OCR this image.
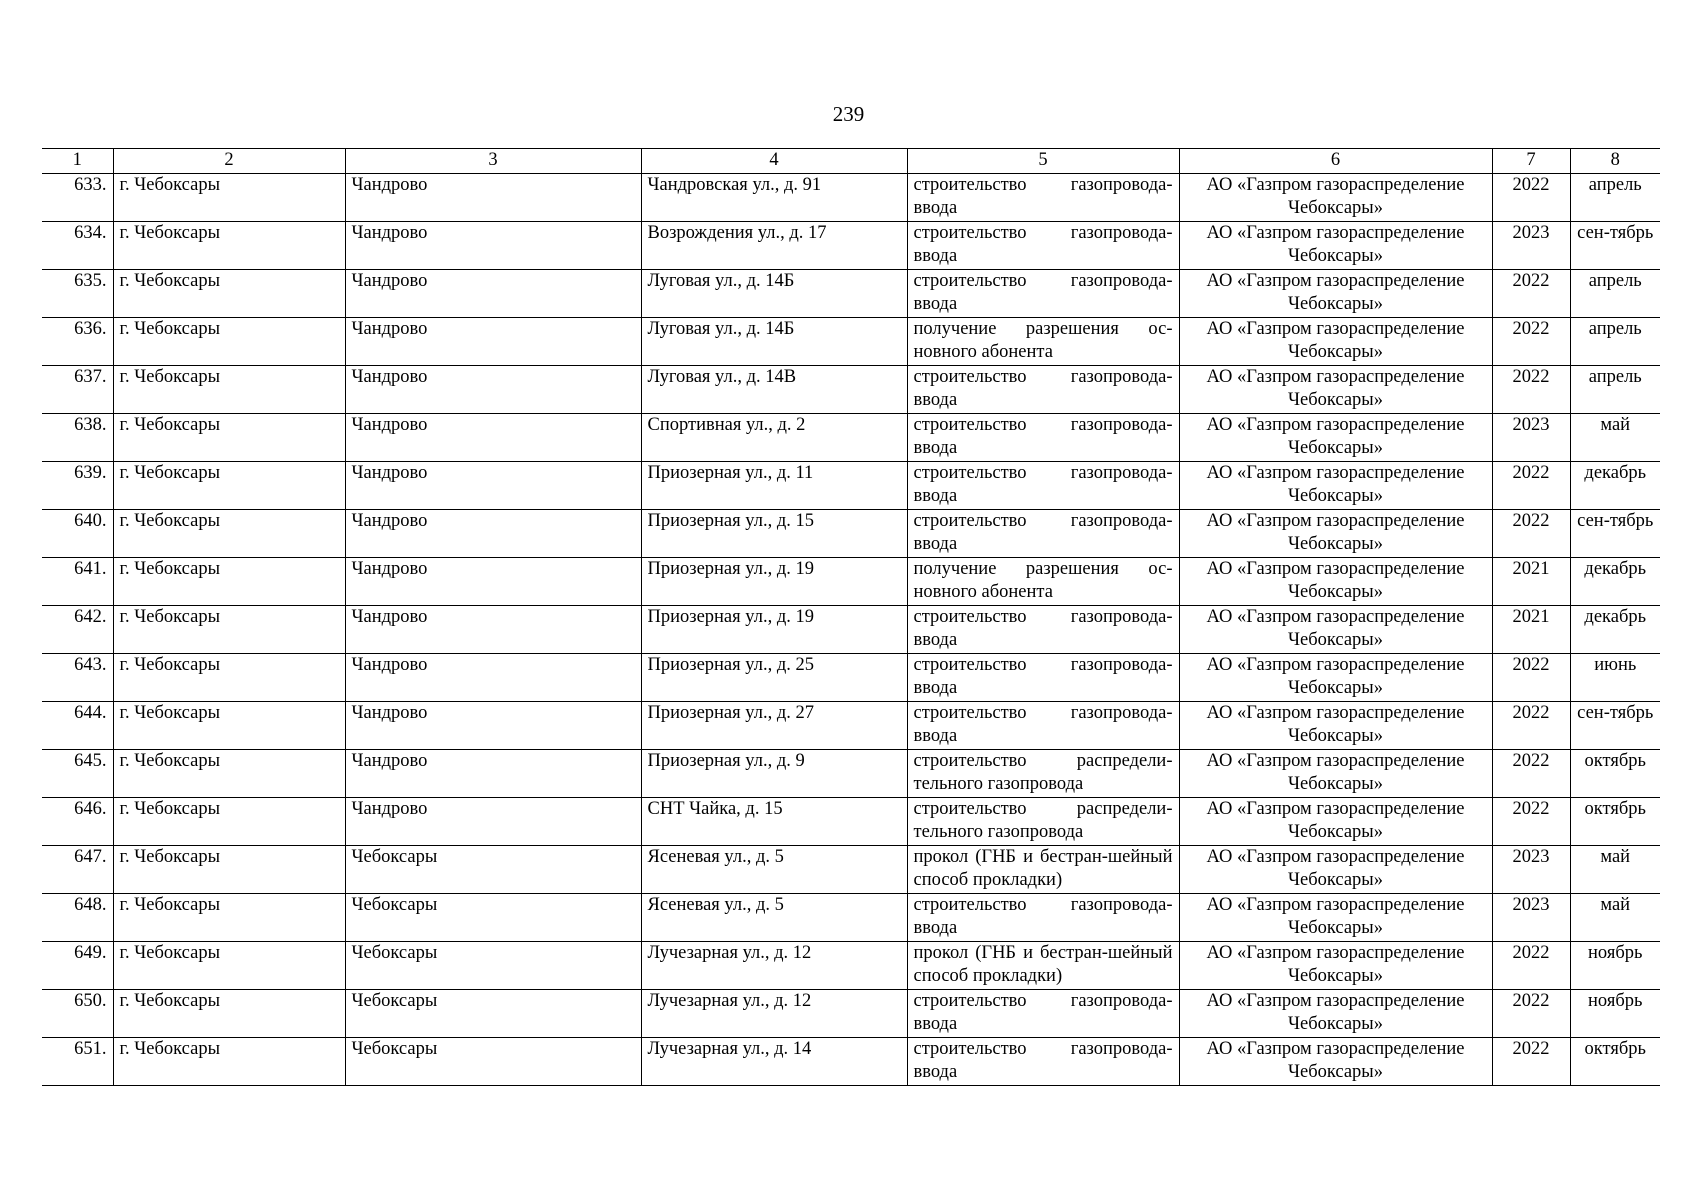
239
1	2	3	4	5	6	7	8
633.	г. Чебоксары	Чандрово	Чандровская ул., д. 91	строительство газопровода-ввода	АО «Газпром газораспределение Чебоксары»	2022	апрель
634.	г. Чебоксары	Чандрово	Возрождения ул., д. 17	строительство газопровода-ввода	АО «Газпром газораспределение Чебоксары»	2023	сен-тябрь
635.	г. Чебоксары	Чандрово	Луговая ул., д. 14Б	строительство газопровода-ввода	АО «Газпром газораспределение Чебоксары»	2022	апрель
636.	г. Чебоксары	Чандрово	Луговая ул., д. 14Б	получение разрешения ос-новного абонента	АО «Газпром газораспределение Чебоксары»	2022	апрель
637.	г. Чебоксары	Чандрово	Луговая ул., д. 14В	строительство газопровода-ввода	АО «Газпром газораспределение Чебоксары»	2022	апрель
638.	г. Чебоксары	Чандрово	Спортивная ул., д. 2	строительство газопровода-ввода	АО «Газпром газораспределение Чебоксары»	2023	май
639.	г. Чебоксары	Чандрово	Приозерная ул., д. 11	строительство газопровода-ввода	АО «Газпром газораспределение Чебоксары»	2022	декабрь
640.	г. Чебоксары	Чандрово	Приозерная ул., д. 15	строительство газопровода-ввода	АО «Газпром газораспределение Чебоксары»	2022	сен-тябрь
641.	г. Чебоксары	Чандрово	Приозерная ул., д. 19	получение разрешения ос-новного абонента	АО «Газпром газораспределение Чебоксары»	2021	декабрь
642.	г. Чебоксары	Чандрово	Приозерная ул., д. 19	строительство газопровода-ввода	АО «Газпром газораспределение Чебоксары»	2021	декабрь
643.	г. Чебоксары	Чандрово	Приозерная ул., д. 25	строительство газопровода-ввода	АО «Газпром газораспределение Чебоксары»	2022	июнь
644.	г. Чебоксары	Чандрово	Приозерная ул., д. 27	строительство газопровода-ввода	АО «Газпром газораспределение Чебоксары»	2022	сен-тябрь
645.	г. Чебоксары	Чандрово	Приозерная ул., д. 9	строительство распредели-тельного газопровода	АО «Газпром газораспределение Чебоксары»	2022	октябрь
646.	г. Чебоксары	Чандрово	СНТ Чайка, д. 15	строительство распредели-тельного газопровода	АО «Газпром газораспределение Чебоксары»	2022	октябрь
647.	г. Чебоксары	Чебоксары	Ясеневая ул., д. 5	прокол (ГНБ и бестран-шейный способ прокладки)	АО «Газпром газораспределение Чебоксары»	2023	май
648.	г. Чебоксары	Чебоксары	Ясеневая ул., д. 5	строительство газопровода-ввода	АО «Газпром газораспределение Чебоксары»	2023	май
649.	г. Чебоксары	Чебоксары	Лучезарная ул., д. 12	прокол (ГНБ и бестран-шейный способ прокладки)	АО «Газпром газораспределение Чебоксары»	2022	ноябрь
650.	г. Чебоксары	Чебоксары	Лучезарная ул., д. 12	строительство газопровода-ввода	АО «Газпром газораспределение Чебоксары»	2022	ноябрь
651.	г. Чебоксары	Чебоксары	Лучезарная ул., д. 14	строительство газопровода-ввода	АО «Газпром газораспределение Чебоксары»	2022	октябрь
